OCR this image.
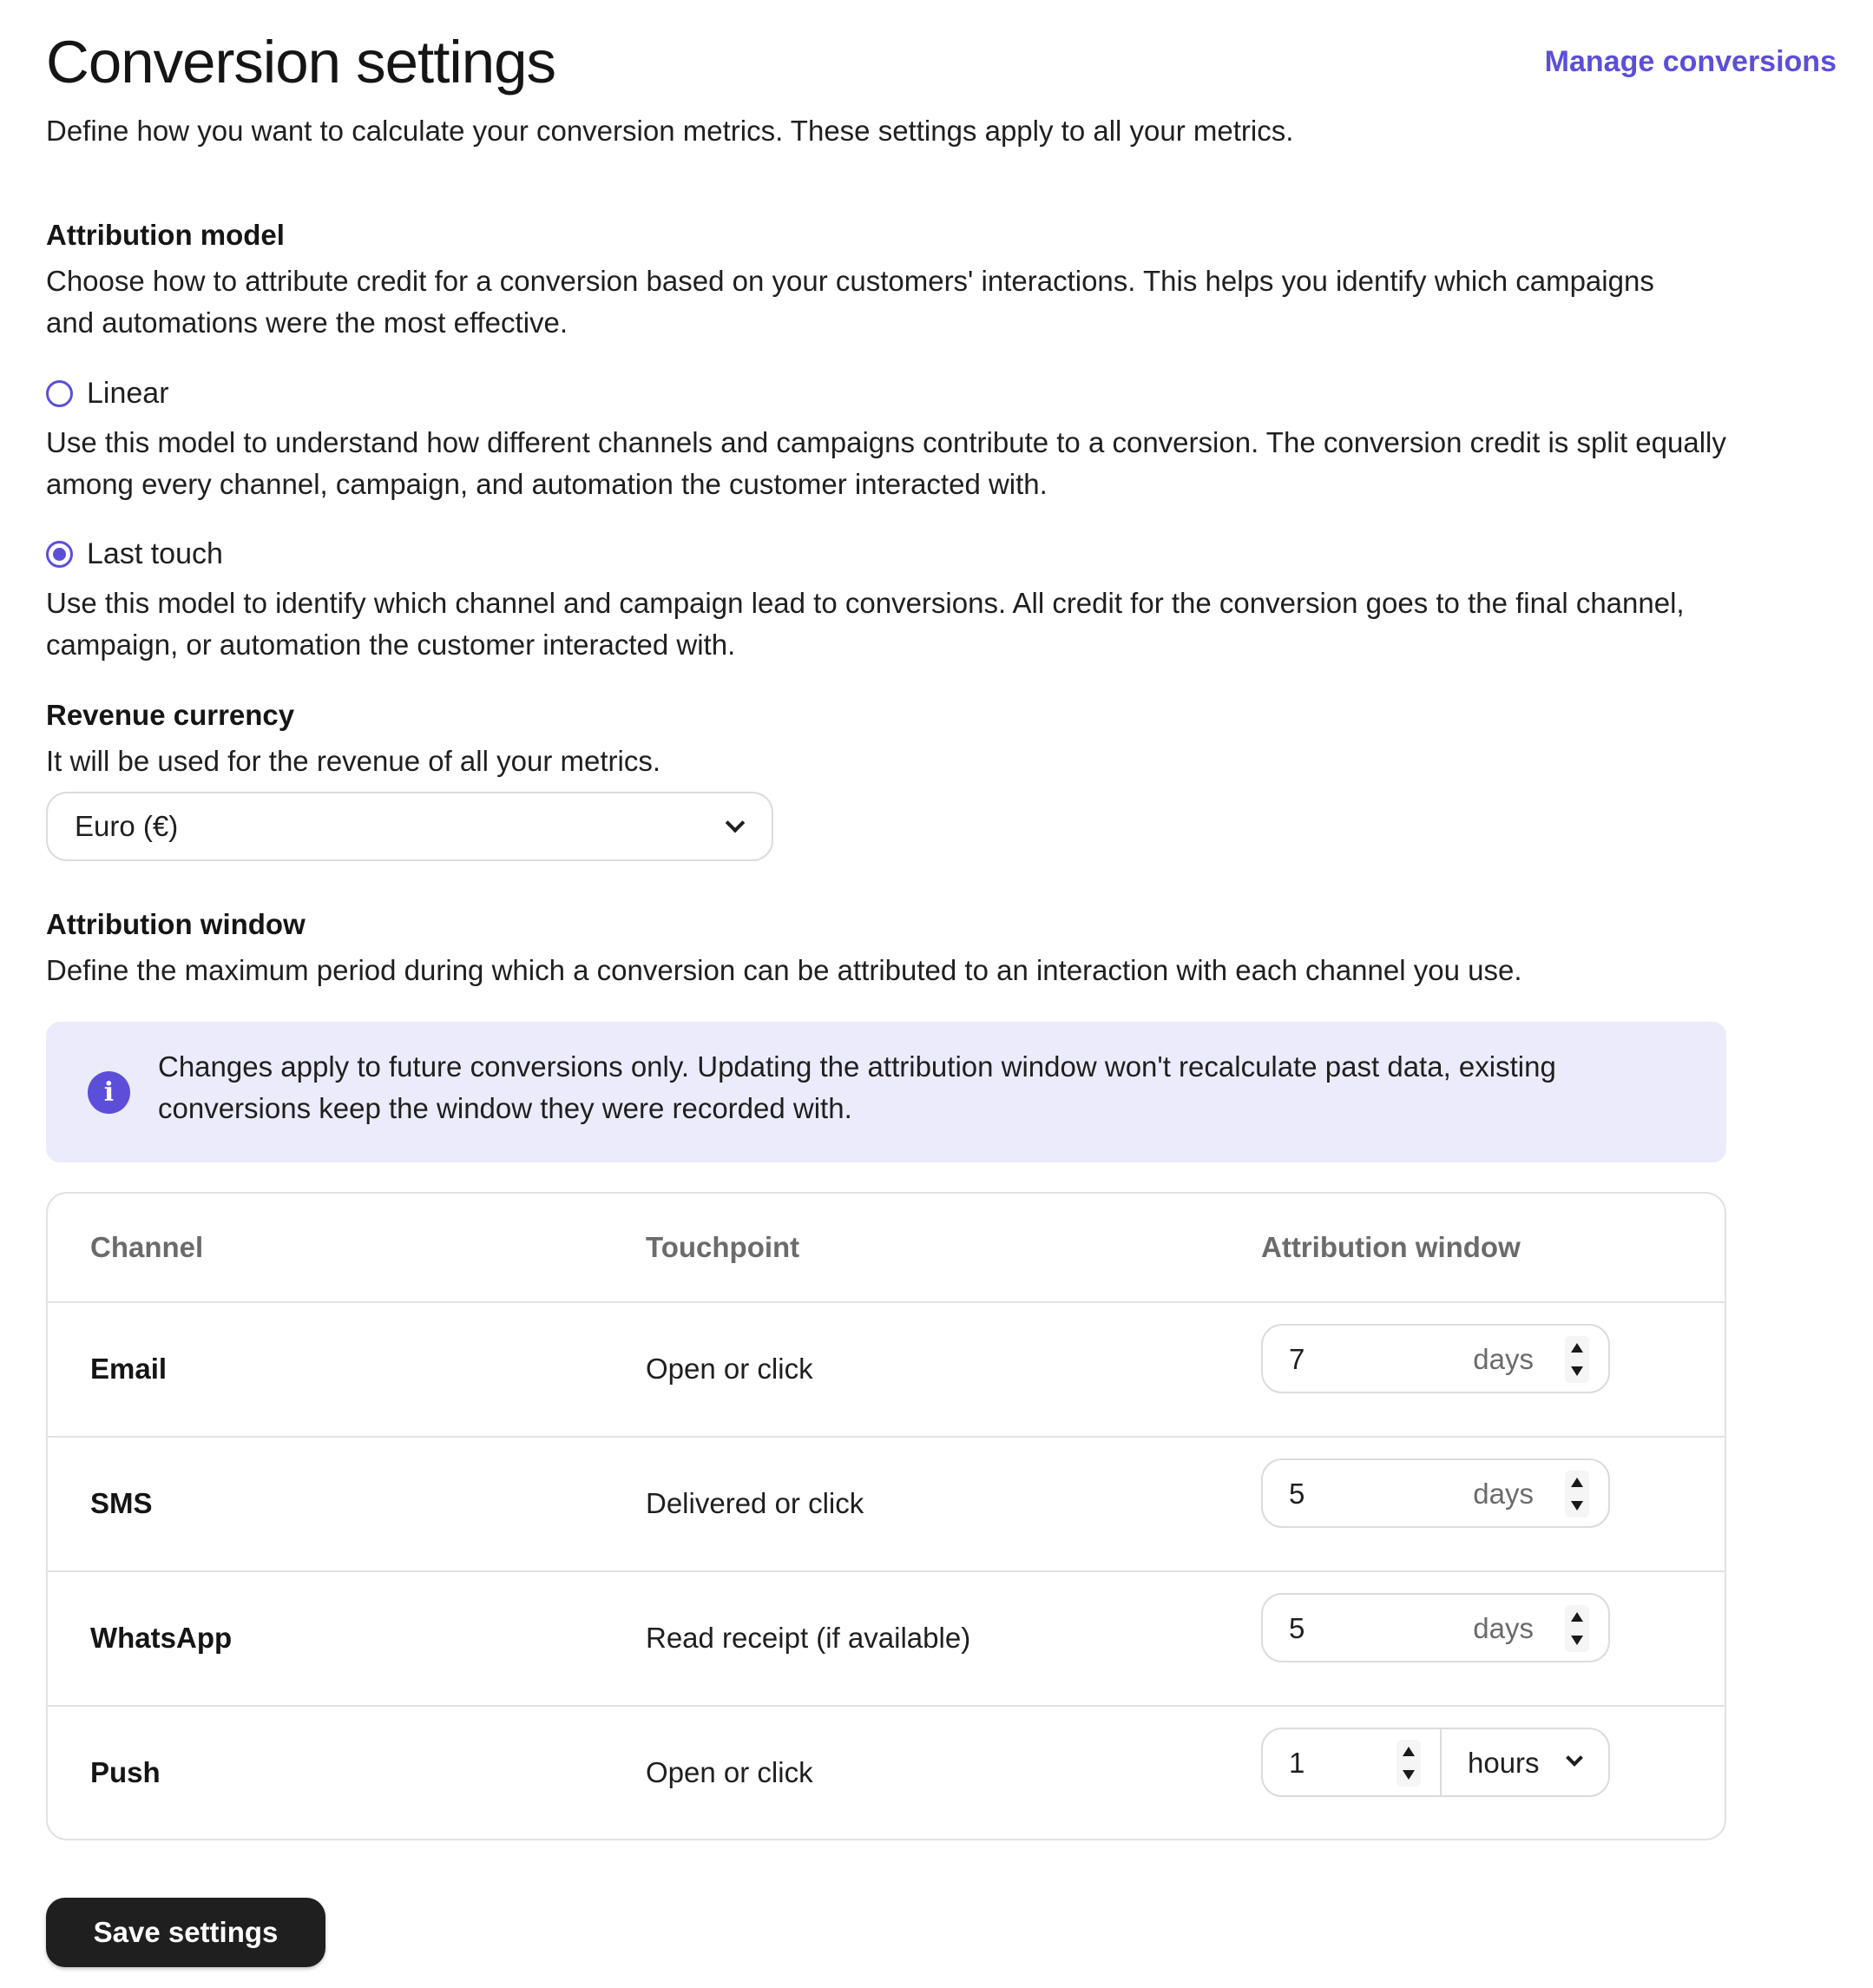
Conversion settings	Manage conversions

Define how you want to calculate your conversion metrics. These settings apply to all your metrics.

Attribution model

Choose how to attribute credit for a conversion based on your customers' interactions. This helps you identify which campaigns and automations were the most effective.

Linear

Use this model to understand how different channels and campaigns contribute to a conversion. The conversion credit is split equally among every channel, campaign, and automation the customer interacted with.

Last touch

Use this model to identify which channel and campaign lead to conversions. All credit for the conversion goes to the final channel, campaign, or automation the customer interacted with.

Revenue currency

It will be used for the revenue of all your metrics.

Euro (€)
Attribution window

Define the maximum period during which a conversion can be attributed to an interaction with each channel you use.

i

Changes apply to future conversions only. Updating the attribution window won't recalculate past data, existing conversions keep the window they were recorded with.

Channel	Touchpoint	Attribution window
Email	Open or click	7	days
SMS	Delivered or click	5	days
WhatsApp	Read receipt (if available)	5	days
Push	Open or click	1	hours
Save settings
